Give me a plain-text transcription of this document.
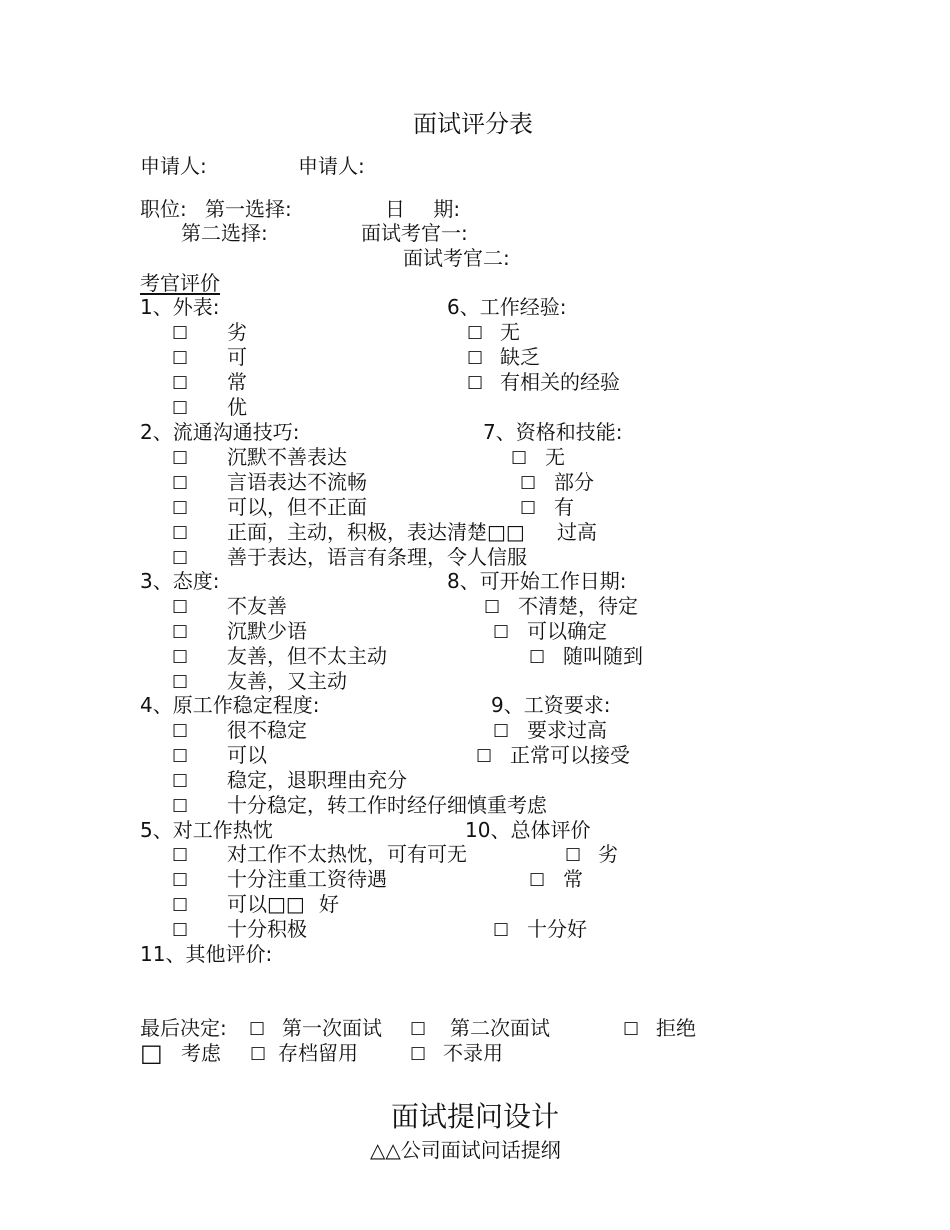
面试评分表
申请人:	申请人:
职位: 第一选择:	日 期:
第二选择:	面试考官一:
面试考官二:
考官评价
1、外表:
□ 劣
□ 可
□ 常
□ 优
6、工作经验:
□ 无
□ 缺乏
□ 有相关的经验
2、流通沟通技巧:
□ 沉默不善表达
□ 言语表达不流畅
□ 可以，但不正面
□ 正面，主动，积极，表达清楚□□
□ 善于表达，语言有条理，令人信服
7、资格和技能:
□ 无
□ 部分
□ 有
过高
3、态度:
□ 不友善
□ 沉默少语
□ 友善，但不太主动
□ 友善，又主动
8、可开始工作日期:
□ 不清楚，待定
□ 可以确定
□ 随叫随到
4、原工作稳定程度:
□ 很不稳定
□ 可以
□ 稳定，退职理由充分
□ 十分稳定，转工作时经仔细慎重考虑
9、工资要求:
□ 要求过高
□ 正常可以接受
5、对工作热忱
□ 对工作不太热忱，可有可无
□ 十分注重工资待遇
□ 可以□□ 好
□ 十分积极
10、总体评价
□ 劣
□ 常
□ 十分好
11、其他评价:
最后决定: □ 第一次面试 □ 第二次面试	□ 拒绝
□ 考虑 □ 存档留用	□ 不录用
面试提问设计
△△公司面试问话提纲
